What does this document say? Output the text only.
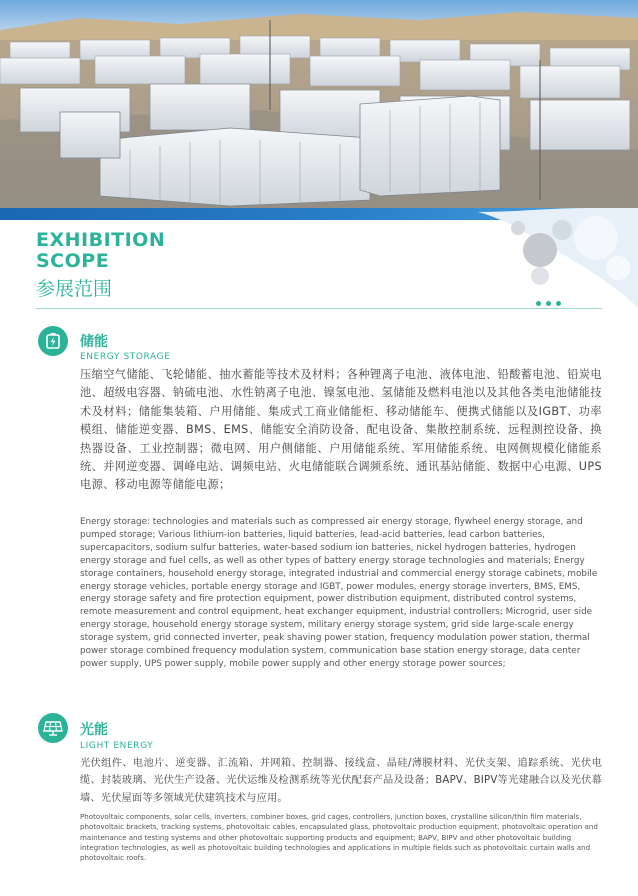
EXHIBITION SCOPE
参展范围
储能
ENERGY STORAGE
压缩空气储能、飞轮储能、抽水蓄能等技术及材料；各种锂离子电池、液体电池、铅酸蓄电池、铅炭电池、超级电容器、钠硫电池、水性钠离子电池、镍氢电池、氢储能及燃料电池以及其他各类电池储能技术及材料；储能集装箱、户用储能、集成式工商业储能柜、移动储能车、便携式储能以及IGBT、功率模组、储能逆变器、BMS、EMS、储能安全消防设备、配电设备、集散控制系统、远程测控设备、换热器设备、工业控制器；微电网、用户侧储能、户用储能系统、军用储能系统、电网侧规模化储能系统、并网逆变器、调峰电站、调频电站、火电储能联合调频系统、通讯基站储能、数据中心电源、UPS电源、移动电源等储能电源；
Energy storage: technologies and materials such as compressed air energy storage, flywheel energy storage, and pumped storage; Various lithium-ion batteries, liquid batteries, lead-acid batteries, lead carbon batteries, supercapacitors, sodium sulfur batteries, water-based sodium ion batteries, nickel hydrogen batteries, hydrogen energy storage and fuel cells, as well as other types of battery energy storage technologies and materials; Energy storage containers, household energy storage, integrated industrial and commercial energy storage cabinets, mobile energy storage vehicles, portable energy storage and IGBT, power modules, energy storage inverters, BMS, EMS, energy storage safety and fire protection equipment, power distribution equipment, distributed control systems, remote measurement and control equipment, heat exchanger equipment, industrial controllers; Microgrid, user side energy storage, household energy storage system, military energy storage system, grid side large-scale energy storage system, grid connected inverter, peak shaving power station, frequency modulation power station, thermal power storage combined frequency modulation system, communication base station energy storage, data center power supply, UPS power supply, mobile power supply and other energy storage power sources;
光能
LIGHT ENERGY
光伏组件、电池片、逆变器、汇流箱、并网箱、控制器、接线盒、晶硅/薄膜材料、光伏支架、追踪系统、光伏电缆、封装玻璃、光伏生产设备、光伏运维及检测系统等光伏配套产品及设备；BAPV、BIPV等光建融合以及光伏幕墙、光伏屋面等多领域光伏建筑技术与应用。
Photovoltaic components, solar cells, inverters, combiner boxes, grid cages, controllers, junction boxes, crystalline silicon/thin film materials, photovoltaic brackets, tracking systems, photovoltaic cables, encapsulated glass, photovoltaic production equipment, photovoltaic operation and maintenance and testing systems and other photovoltaic supporting products and equipment; BAPV, BIPV and other photovoltaic building integration technologies, as well as photovoltaic building technologies and applications in multiple fields such as photovoltaic curtain walls and photovoltaic roofs.
